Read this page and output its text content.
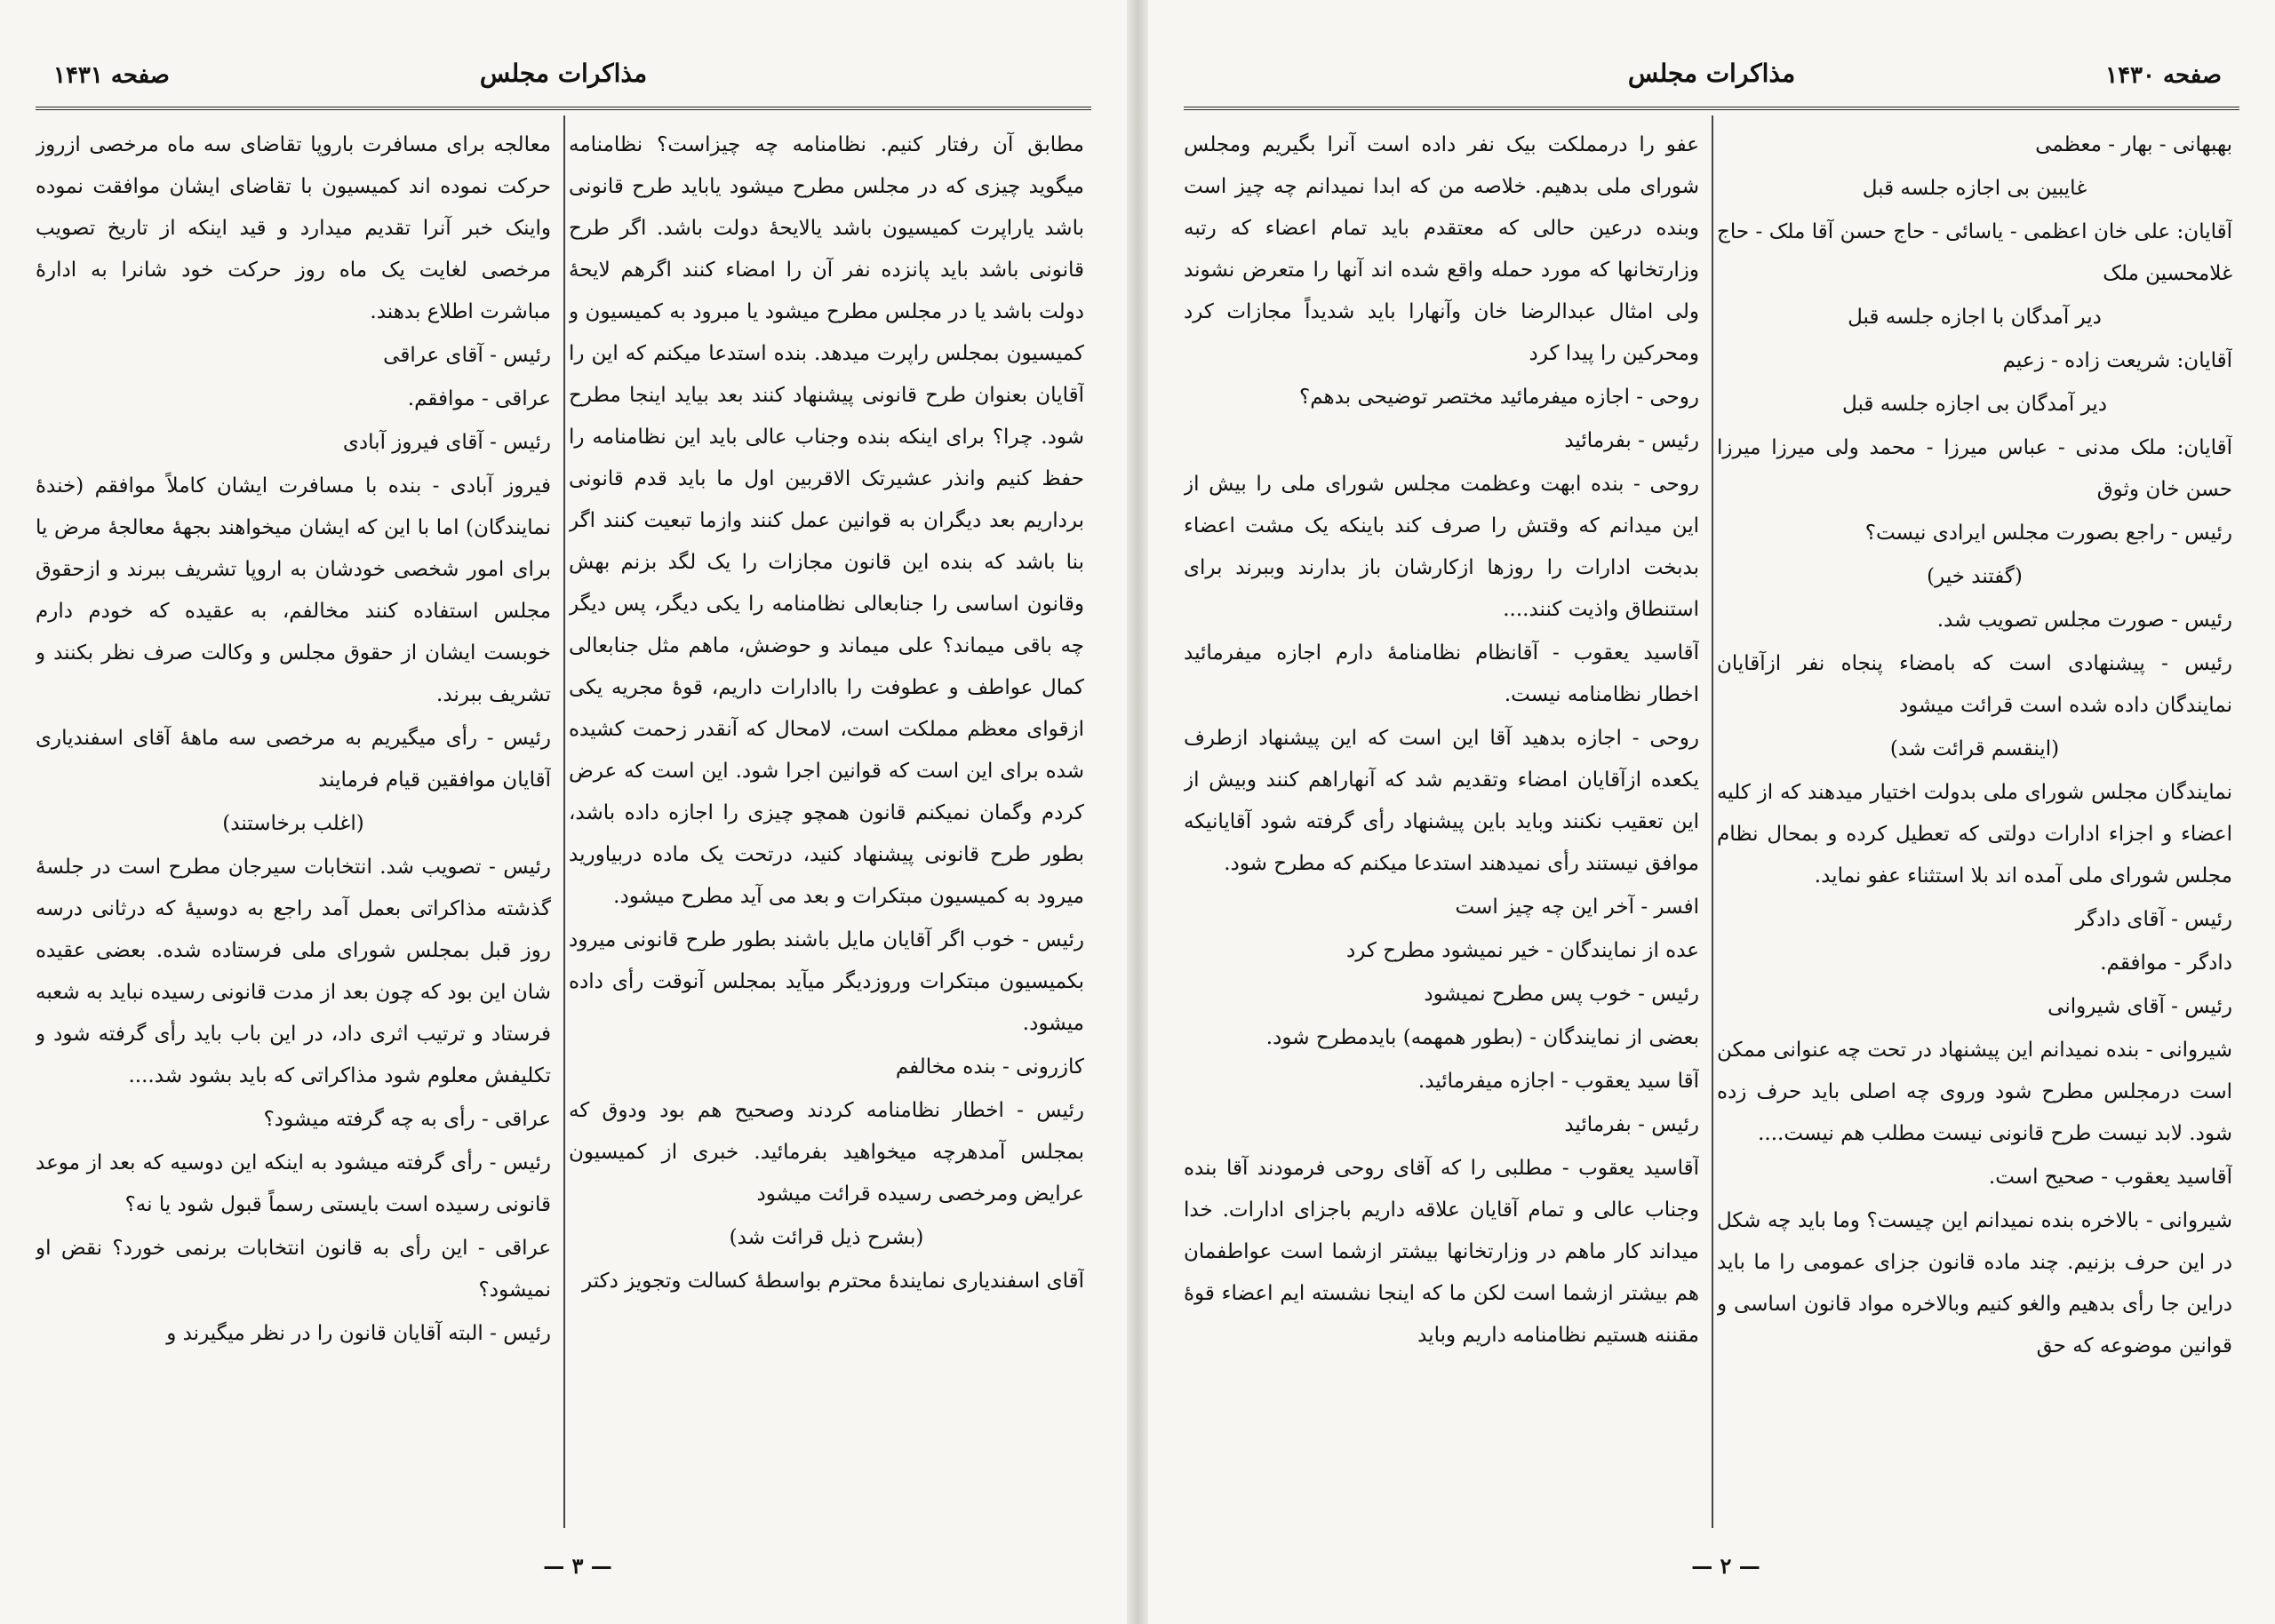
مذاکرات مجلس
صفحه ۱۴۳۱

مطابق آن رفتار کنیم. نظامنامه چه چیزاست؟ نظامنامه میگوید چیزی که در مجلس مطرح میشود یاباید طرح قانونی باشد یاراپرت کمیسیون باشد یالایحهٔ دولت باشد. اگر طرح قانونی باشد باید پانزده نفر آن را امضاء کنند اگرهم لایحهٔ دولت باشد یا در مجلس مطرح میشود یا مبرود به کمیسیون و کمیسیون بمجلس راپرت میدهد. بنده استدعا میکنم که این را آقایان بعنوان طرح قانونی پیشنهاد کنند بعد بیاید اینجا مطرح شود. چرا؟ برای اینکه بنده وجناب عالی باید این نظامنامه را حفظ کنیم وانذر عشیرتک الاقربین اول ما باید قدم قانونی برداریم بعد دیگران به قوانین عمل کنند وازما تبعیت کنند اگر بنا باشد که بنده این قانون مجازات را یک لگد بزنم بهش وقانون اساسی را جنابعالی نظامنامه را یکی دیگر، پس دیگر چه باقی میماند؟ علی میماند و حوضش، ماهم مثل جنابعالی کمال عواطف و عطوفت را باادارات داریم، قوهٔ مجریه یکی ازقوای معظم مملکت است، لامحال که آنقدر زحمت کشیده شده برای این است که قوانین اجرا شود. این است که عرض کردم وگمان نمیکنم قانون همچو چیزی را اجازه داده باشد، بطور طرح قانونی پیشنهاد کنید، درتحت یک ماده دربیاورید میرود به کمیسیون مبتکرات و بعد می آید مطرح میشود.

رئیس - خوب اگر آقایان مایل باشند بطور طرح قانونی میرود بکمیسیون مبتکرات وروزدیگر میآید بمجلس آنوقت رأی داده میشود.

کازرونی - بنده مخالفم

رئیس - اخطار نظامنامه کردند وصحیح هم بود ودوق که بمجلس آمدهرچه میخواهید بفرمائید. خبری از کمیسیون عرایض ومرخصی رسیده قرائت میشود

(بشرح ذیل قرائت شد)

آقای اسفندیاری نمایندهٔ محترم بواسطهٔ کسالت وتجویز دکتر

معالجه برای مسافرت باروپا تقاضای سه ماه مرخصی ازروز حرکت نموده اند کمیسیون با تقاضای ایشان موافقت نموده واینک خبر آنرا تقدیم میدارد و قید اینکه از تاریخ تصویب مرخصی لغایت یک ماه روز حرکت خود شانرا به ادارهٔ مباشرت اطلاع بدهند.

رئیس - آقای عراقی

عراقی - موافقم.

رئیس - آقای فیروز آبادی

فیروز آبادی - بنده با مسافرت ایشان کاملاً موافقم (خندهٔ نمایندگان) اما با این که ایشان میخواهند بجههٔ معالجهٔ مرض یا برای امور شخصی خودشان به اروپا تشریف ببرند و ازحقوق مجلس استفاده کنند مخالفم، به عقیده که خودم دارم خوبست ایشان از حقوق مجلس و وکالت صرف نظر بکنند و تشریف ببرند.

رئیس - رأی میگیریم به مرخصی سه ماههٔ آقای اسفندیاری آقایان موافقین قیام فرمایند

(اغلب برخاستند)

رئیس - تصویب شد. انتخابات سیرجان مطرح است در جلسهٔ گذشته مذاکراتی بعمل آمد راجع به دوسیهٔ که درثانی درسه روز قبل بمجلس شورای ملی فرستاده شده. بعضی عقیده شان این بود که چون بعد از مدت قانونی رسیده نباید به شعبه فرستاد و ترتیب اثری داد، در این باب باید رأی گرفته شود و تکلیفش معلوم شود مذاکراتی که باید بشود شد....

عراقی - رأی به چه گرفته میشود؟

رئیس - رأی گرفته میشود به اینکه این دوسیه که بعد از موعد قانونی رسیده است بایستی رسماً قبول شود یا نه؟

عراقی - این رأی به قانون انتخابات برنمی خورد؟ نقض او نمیشود؟

رئیس - البته آقایان قانون را در نظر میگیرند و

— ۳ —
مذاکرات مجلس	صفحه ۱۴۳۰

بهبهانی - بهار - معظمی

غایبین بی اجازه جلسه قبل

آقایان: علی خان اعظمی - یاسائی - حاج حسن آقا ملک - حاج غلامحسین ملک

دیر آمدگان با اجازه جلسه قبل

آقایان: شریعت زاده - زعیم

دیر آمدگان بی اجازه جلسه قبل

آقایان: ملک مدنی - عباس میرزا - محمد ولی میرزا میرزا حسن خان وثوق

رئیس - راجع بصورت مجلس ایرادی نیست؟

(گفتند خیر)

رئیس - صورت مجلس تصویب شد.

رئیس - پیشنهادی است که بامضاء پنجاه نفر ازآقایان نمایندگان داده شده است قرائت میشود

(اینقسم قرائت شد)

نمایندگان مجلس شورای ملی بدولت اختیار میدهند که از کلیه اعضاء و اجزاء ادارات دولتی که تعطیل کرده و بمحال نظام مجلس شورای ملی آمده اند بلا استثناء عفو نماید.

رئیس - آقای دادگر

دادگر - موافقم.

رئیس - آقای شیروانی

شیروانی - بنده نمیدانم این پیشنهاد در تحت چه عنوانی ممکن است درمجلس مطرح شود وروی چه اصلی باید حرف زده شود. لابد نیست طرح قانونی نیست مطلب هم نیست....

آقاسید یعقوب - صحیح است.

شیروانی - بالاخره بنده نمیدانم این چیست؟ وما باید چه شکل در این حرف بزنیم. چند ماده قانون جزای عمومی را ما باید دراین جا رأی بدهیم والغو کنیم وبالاخره مواد قانون اساسی و قوانین موضوعه که حق

عفو را درمملکت بیک نفر داده است آنرا بگیریم ومجلس شورای ملی بدهیم. خلاصه من که ابدا نمیدانم چه چیز است وبنده درعین حالی که معتقدم باید تمام اعضاء که رتبه وزارتخانها که مورد حمله واقع شده اند آنها را متعرض نشوند ولی امثال عبدالرضا خان وآنهارا باید شدیداً مجازات کرد ومحرکین را پیدا کرد

روحی - اجازه میفرمائید مختصر توضیحی بدهم؟

رئیس - بفرمائید

روحی - بنده ابهت وعظمت مجلس شورای ملی را بیش از این میدانم که وقتش را صرف کند باینکه یک مشت اعضاء بدبخت ادارات را روزها ازکارشان باز بدارند وببرند برای استنطاق واذیت کنند....

آقاسید یعقوب - آقانظام نظامنامهٔ دارم اجازه میفرمائید اخطار نظامنامه نیست.

روحی - اجازه بدهید آقا این است که این پیشنهاد ازطرف یکعده ازآقایان امضاء وتقدیم شد که آنهاراهم کنند وبیش از این تعقیب نکنند وباید باین پیشنهاد رأی گرفته شود آقایانیکه موافق نیستند رأی نمیدهند استدعا میکنم که مطرح شود.

افسر - آخر این چه چیز است

عده از نمایندگان - خیر نمیشود مطرح کرد

رئیس - خوب پس مطرح نمیشود

بعضی از نمایندگان - (بطور همهمه) بایدمطرح شود.

آقا سید یعقوب - اجازه میفرمائید.

رئیس - بفرمائید

آقاسید یعقوب - مطلبی را که آقای روحی فرمودند آقا بنده وجناب عالی و تمام آقایان علاقه داریم باجزای ادارات. خدا میداند کار ماهم در وزارتخانها بیشتر ازشما است عواطفمان هم بیشتر ازشما است لکن ما که اینجا نشسته ایم اعضاء قوهٔ مقننه هستیم نظامنامه داریم وباید

— ۲ —
